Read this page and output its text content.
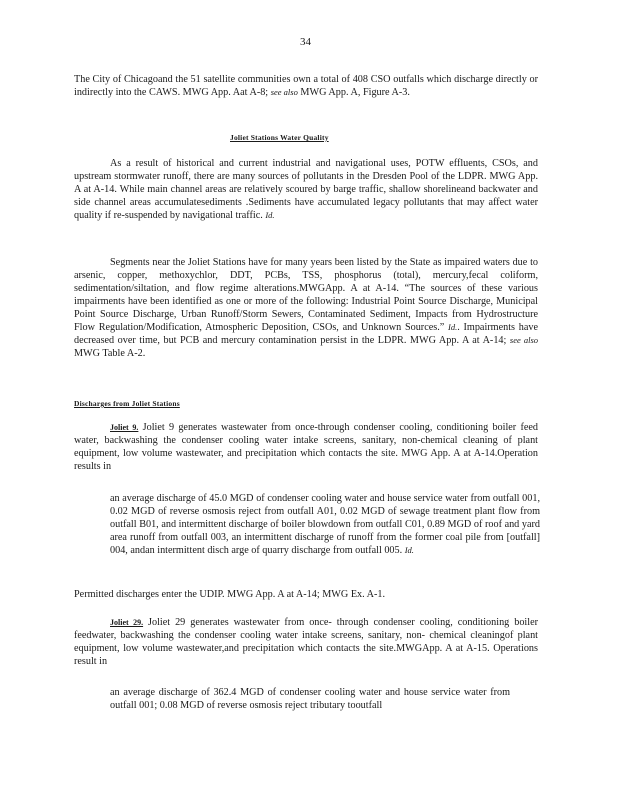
34

The City of Chicagoand the 51 satellite communities own a total of 408 CSO outfalls which discharge directly or indirectly into the CAWS. MWG App. Aat A-8; see also MWG App. A, Figure A-3.

Joliet Stations Water Quality

As a result of historical and current industrial and navigational uses, POTW effluents, CSOs, and upstream stormwater runoff, there are many sources of pollutants in the Dresden Pool of the LDPR. MWG App. A at A-14. While main channel areas are relatively scoured by barge traffic, shallow shorelineand backwater and side channel areas accumulatesediments .Sediments have accumulated legacy pollutants that may affect water quality if re-suspended by navigational traffic. Id.

Segments near the Joliet Stations have for many years been listed by the State as impaired waters due to arsenic, copper, methoxychlor, DDT, PCBs, TSS, phosphorus (total), mercury,fecal coliform, sedimentation/siltation, and flow regime alterations.MWGApp. A at A-14. “The sources of these various impairments have been identified as one or more of the following: Industrial Point Source Discharge, Municipal Point Source Discharge, Urban Runoff/Storm Sewers, Contaminated Sediment, Impacts from Hydrostructure Flow Regulation/Modification, Atmospheric Deposition, CSOs, and Unknown Sources.” Id.. Impairments have decreased over time, but PCB and mercury contamination persist in the LDPR. MWG App. A at A-14; see also MWG Table A-2.

Discharges from Joliet Stations

Joliet 9. Joliet 9 generates wastewater from once-through condenser cooling, conditioning boiler feed water, backwashing the condenser cooling water intake screens, sanitary, non-chemical cleaning of plant equipment, low volume wastewater, and precipitation which contacts the site. MWG App. A at A-14.Operation results in

an average discharge of 45.0 MGD of condenser cooling water and house service water from outfall 001, 0.02 MGD of reverse osmosis reject from outfall A01, 0.02 MGD of sewage treatment plant flow from outfall B01, and intermittent discharge of boiler blowdown from outfall C01, 0.89 MGD of roof and yard area runoff from outfall 003, an intermittent discharge of runoff from the former coal pile from [outfall] 004, andan intermittent disch arge of quarry discharge from outfall 005. Id.

Permitted discharges enter the UDIP. MWG App. A at A-14; MWG Ex. A-1.

Joliet 29. Joliet 29 generates wastewater from once- through condenser cooling, conditioning boiler feedwater, backwashing the condenser cooling water intake screens, sanitary, non- chemical cleaningof plant equipment, low volume wastewater,and precipitation which contacts the site.MWGApp. A at A-15. Operations result in

an average discharge of 362.4 MGD of condenser cooling water and house service water from outfall 001; 0.08 MGD of reverse osmosis reject tributary tooutfall
